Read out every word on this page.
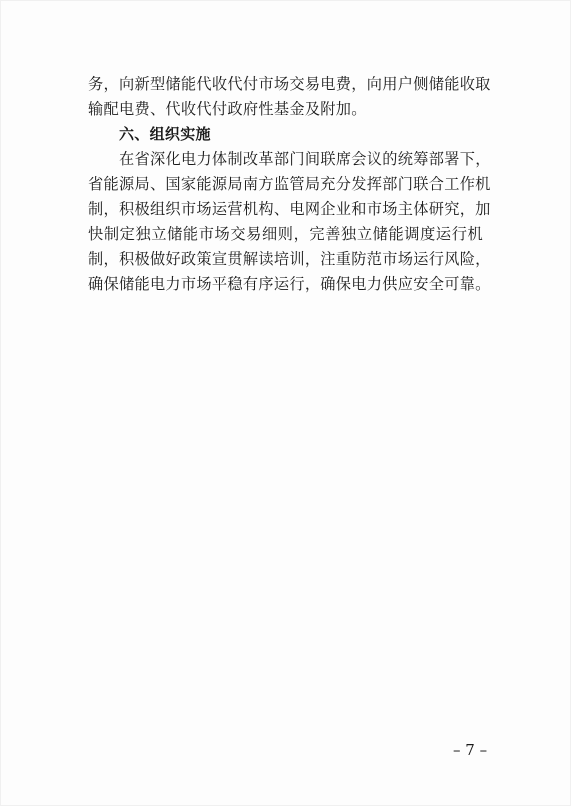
务，向新型储能代收代付市场交易电费，向用户侧储能收取
输配电费、代收代付政府性基金及附加。
六、组织实施
在省深化电力体制改革部门间联席会议的统筹部署下，
省能源局、国家能源局南方监管局充分发挥部门联合工作机
制，积极组织市场运营机构、电网企业和市场主体研究，加
快制定独立储能市场交易细则，完善独立储能调度运行机
制，积极做好政策宣贯解读培训，注重防范市场运行风险，
确保储能电力市场平稳有序运行，确保电力供应安全可靠。
– 7 –
